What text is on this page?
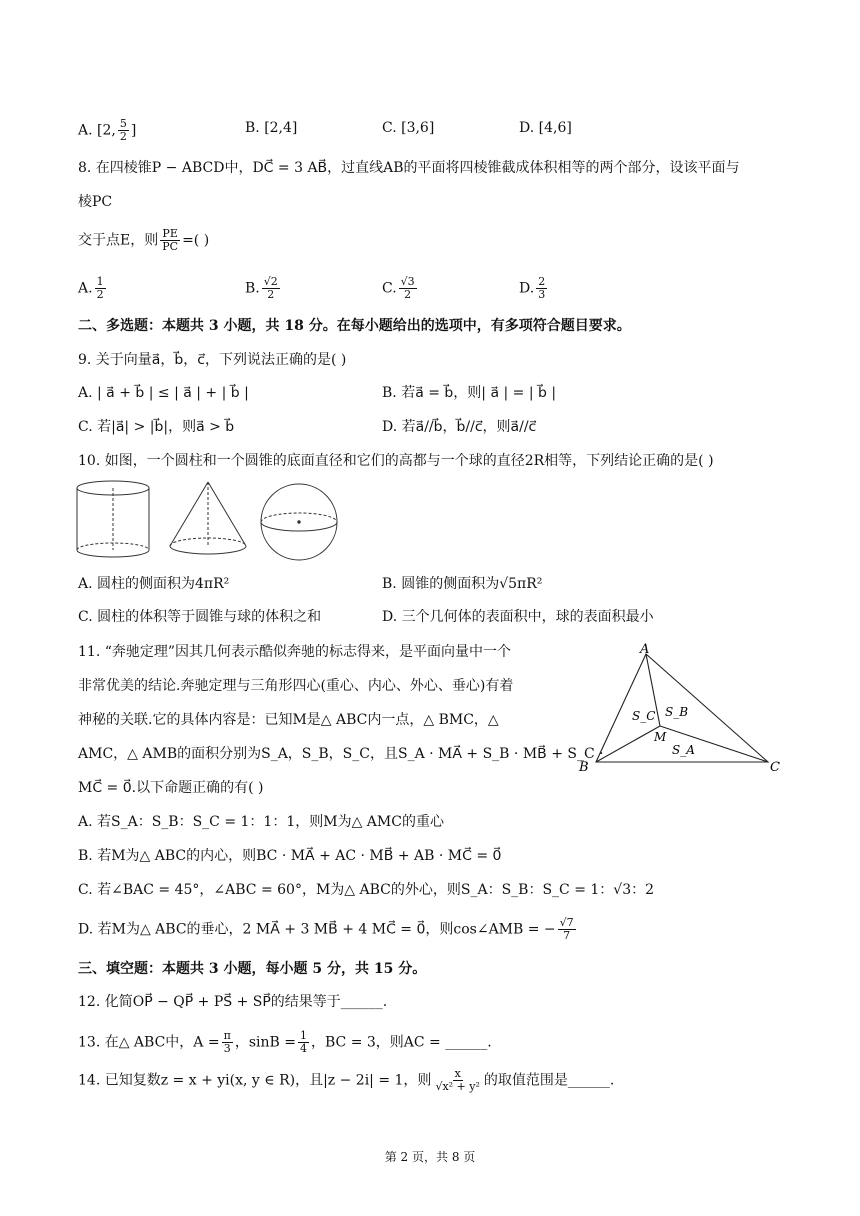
A. [2, $\frac{5}{2}$ ]	B. [2,4]	C. [3,6]	D. [4,6]
8. 在四棱锥P − ABCD中，DC⃗ = 3 AB⃗，过直线AB的平面将四棱锥截成体积相等的两个部分，设该平面与
棱PC
交于点E，则 $\frac{PE}{PC}$ =( )
A. $\frac{1}{2}$	B. $\frac{√2}{2}$	C. $\frac{√3}{2}$	D. $\frac{2}{3}$
二、多选题：本题共 3 小题，共 18 分。在每小题给出的选项中，有多项符合题目要求。
9. 关于向量a⃗，b⃗，c⃗，下列说法正确的是( )
A. | a⃗ + b⃗ | ≤ | a⃗ | + | b⃗ |	B. 若a⃗ = b⃗，则| a⃗ | = | b⃗ |
C. 若|a⃗| > |b⃗|，则a⃗ > b⃗	D. 若a⃗//b⃗，b⃗//c⃗，则a⃗//c⃗
10. 如图，一个圆柱和一个圆锥的底面直径和它们的高都与一个球的直径2R相等，下列结论正确的是( )
A. 圆柱的侧面积为4πR²	B. 圆锥的侧面积为√5πR²
C. 圆柱的体积等于圆锥与球的体积之和	D. 三个几何体的表面积中，球的表面积最小
11. “奔驰定理”因其几何表示酷似奔驰的标志得来，是平面向量中一个
非常优美的结论.奔驰定理与三角形四心(重心、内心、外心、垂心)有着
神秘的关联.它的具体内容是：已知M是△ ABC内一点，△ BMC，△
AMC，△ AMB的面积分别为S_A，S_B，S_C，且S_A · MA⃗ + S_B · MB⃗ + S_C ·
MC⃗ = 0⃗.以下命题正确的有( )
A
B	C
M
S_C S_B
S_A
A. 若S_A：S_B：S_C = 1：1：1，则M为△ AMC的重心
B. 若M为△ ABC的内心，则BC · MA⃗ + AC · MB⃗ + AB · MC⃗ = 0⃗
C. 若∠BAC = 45°，∠ABC = 60°，M为△ ABC的外心，则S_A：S_B：S_C = 1：√3：2
D. 若M为△ ABC的垂心，2 MA⃗ + 3 MB⃗ + 4 MC⃗ = 0⃗，则cos∠AMB = − $\frac{√7}{7}$
三、填空题：本题共 3 小题，每小题 5 分，共 15 分。
12. 化简OP⃗ − QP⃗ + PS⃗ + SP⃗的结果等于______.
13. 在△ ABC中，$A = \frac{\pi}{3}$ ，$\sin B = \frac{1}{4}$ ，BC = 3，则AC = ______.
14. 已知复数z = x + yi(x, y ∈ R)，且|z − 2i| = 1，则 $\frac{x}{\text{√x² + y²}}$ 的取值范围是______.
第 2 页，共 8 页
